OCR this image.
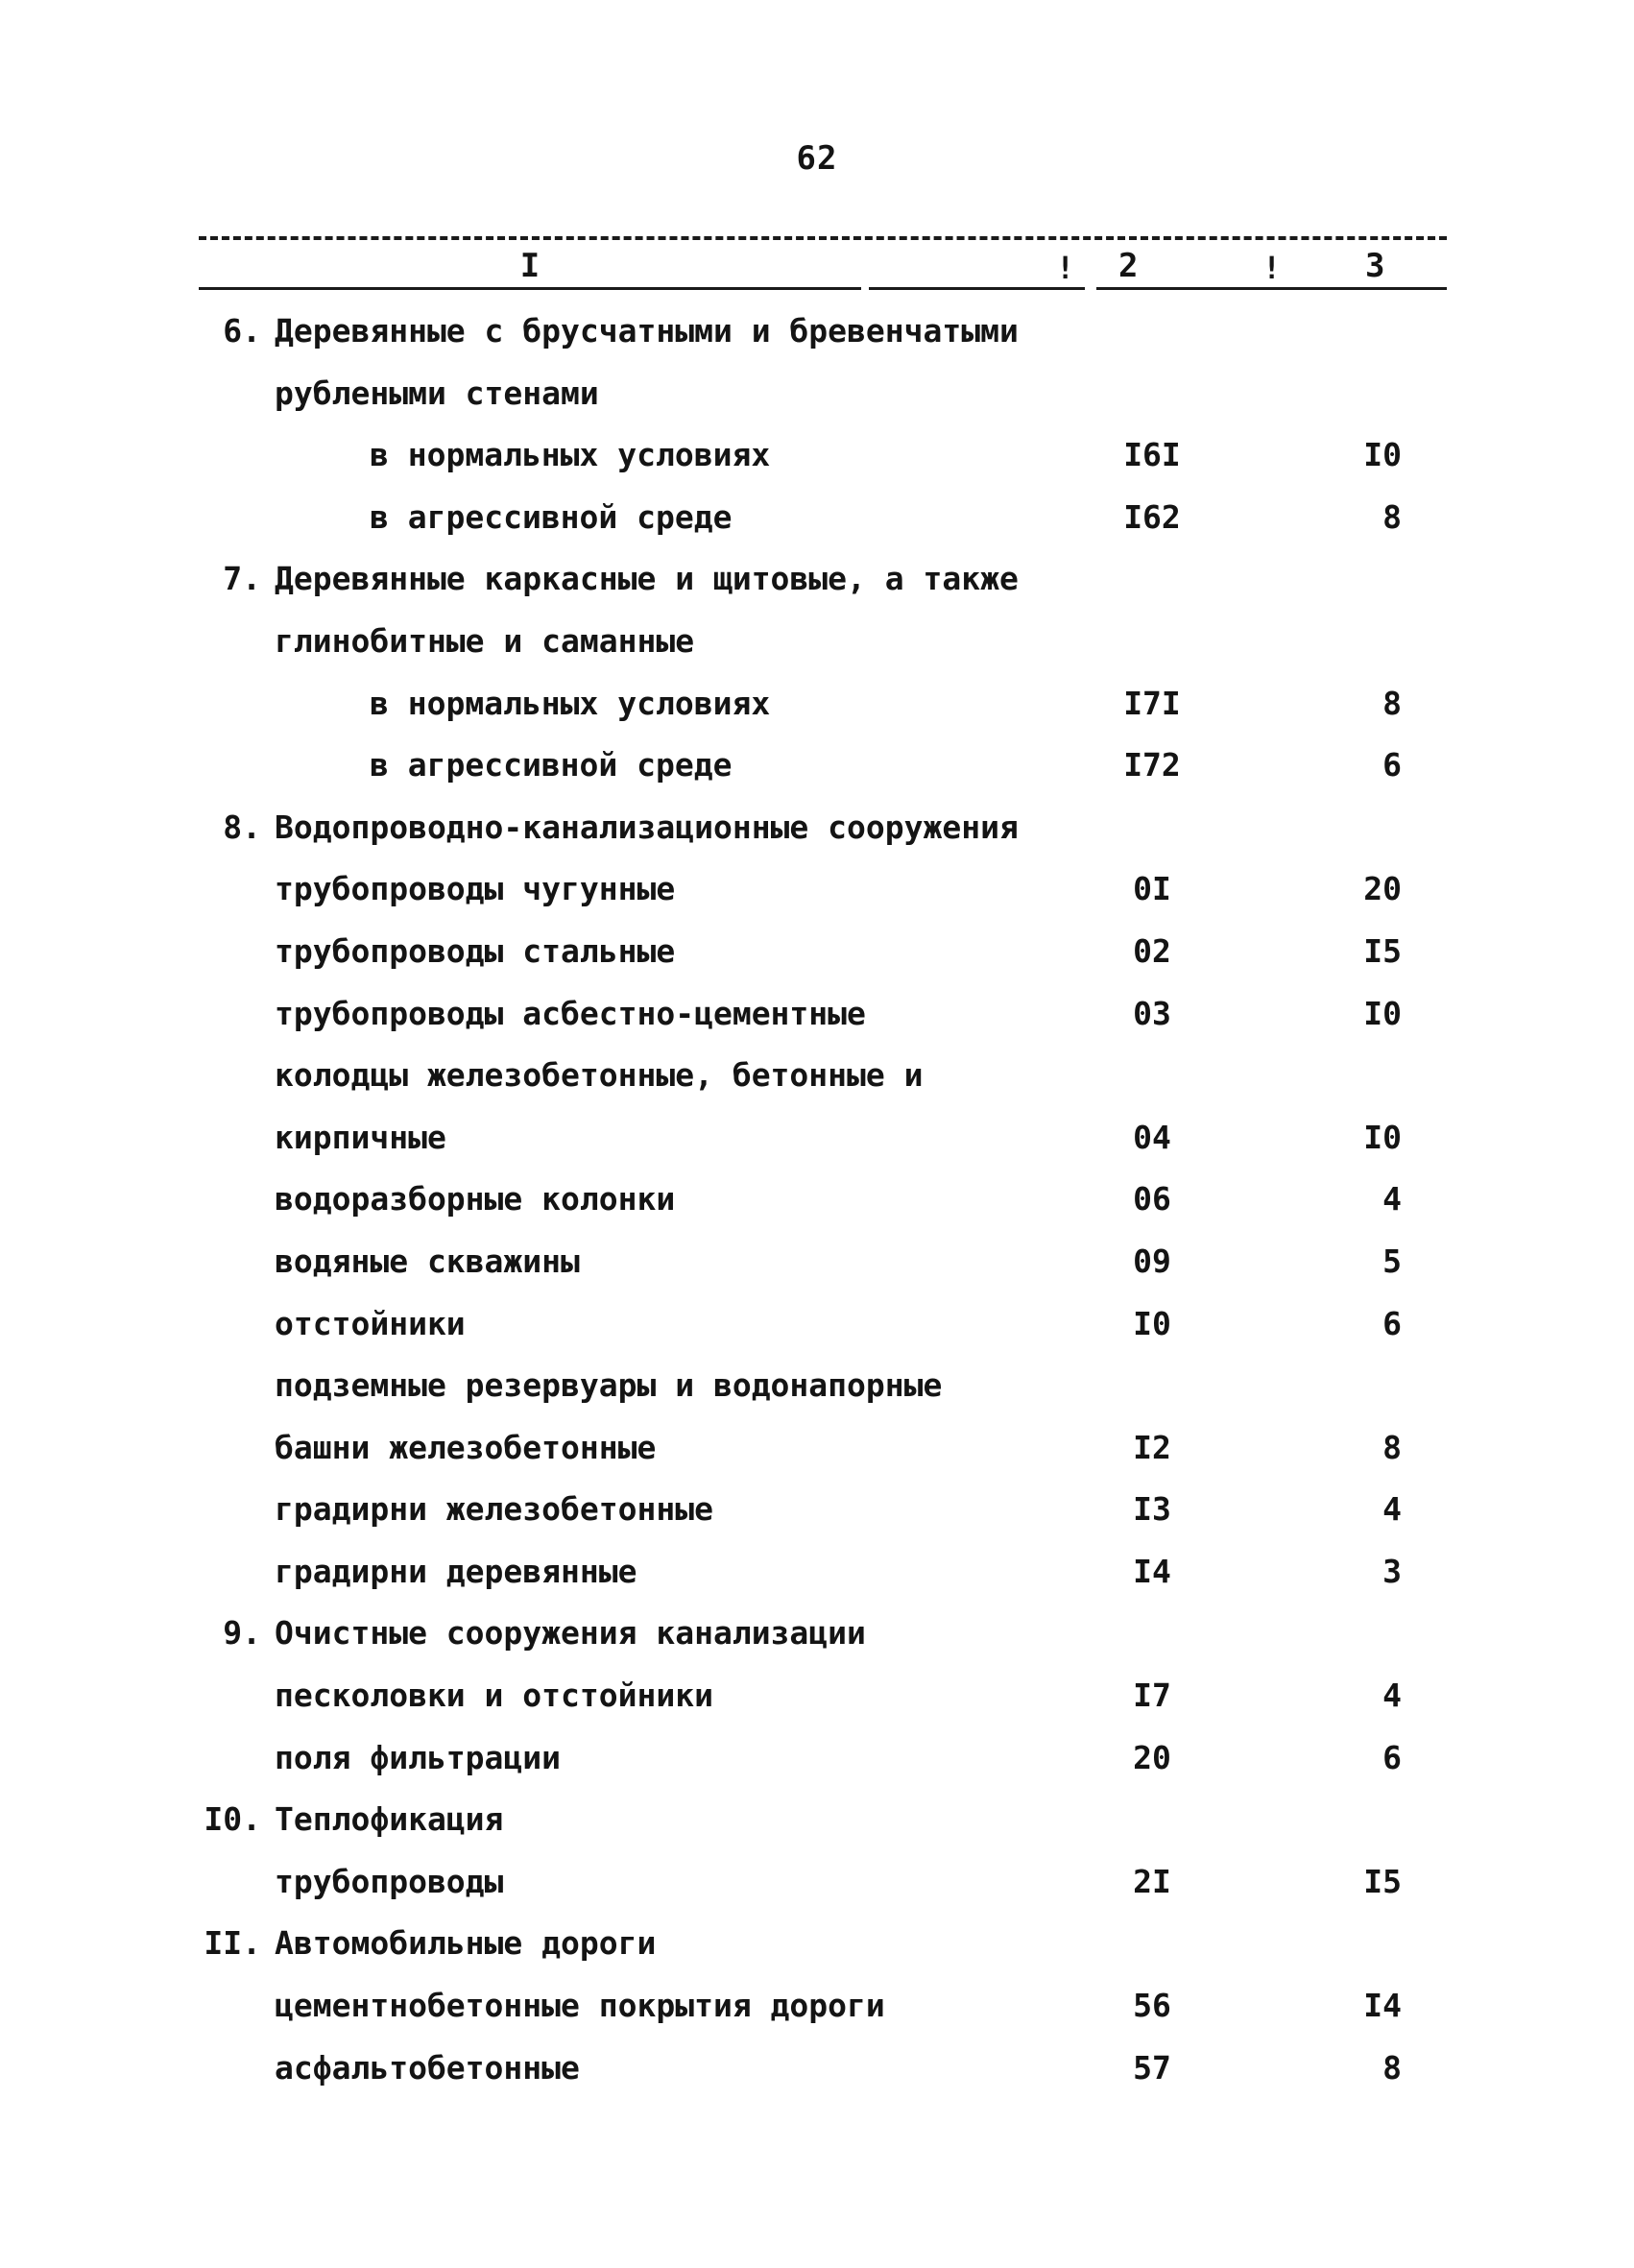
62
I	! 2	!	3
6. Деревянные с брусчатными и бревенчатыми
рублеными стенами
в нормальных условиях	I6I	I0
в агрессивной среде	I62	8
7. Деревянные каркасные и щитовые, а также
глинобитные и саманные
в нормальных условиях	I7I	8
в агрессивной среде	I72	6
8. Водопроводно-канализационные сооружения
трубопроводы чугунные	0I	20
трубопроводы стальные	02	I5
трубопроводы асбестно-цементные	03	I0
колодцы железобетонные, бетонные и
кирпичные	04	I0
водоразборные колонки	06	4
водяные скважины	09	5
отстойники	I0	6
подземные резервуары и водонапорные
башни железобетонные	I2	8
градирни железобетонные	I3	4
градирни деревянные	I4	3
9. Очистные сооружения канализации
песколовки и отстойники	I7	4
поля фильтрации	20	6
I0. Теплофикация
трубопроводы	2I	I5
II. Автомобильные дороги
цементнобетонные покрытия дороги	56	I4
асфальтобетонные	57	8
